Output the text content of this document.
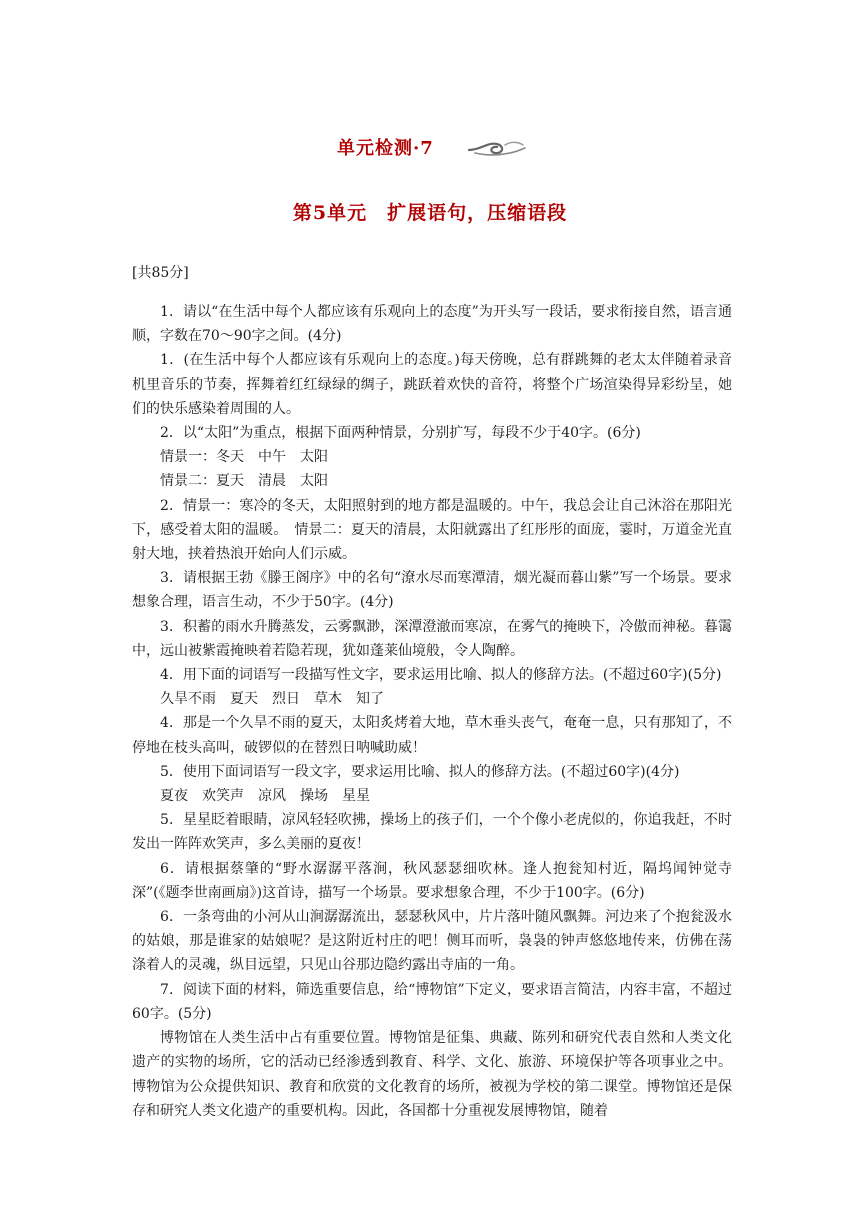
单元检测·7
第5单元　扩展语句，压缩语段
[共85分]

1．请以“在生活中每个人都应该有乐观向上的态度”为开头写一段话，要求衔接自然，语言通顺，字数在70～90字之间。(4分)

1．(在生活中每个人都应该有乐观向上的态度。)每天傍晚，总有群跳舞的老太太伴随着录音机里音乐的节奏，挥舞着红红绿绿的绸子，跳跃着欢快的音符，将整个广场渲染得异彩纷呈，她们的快乐感染着周围的人。

2．以“太阳”为重点，根据下面两种情景，分别扩写，每段不少于40字。(6分)

情景一：冬天　中午　太阳

情景二：夏天　清晨　太阳

2．情景一：寒冷的冬天，太阳照射到的地方都是温暖的。中午，我总会让自己沐浴在那阳光下，感受着太阳的温暖。　情景二：夏天的清晨，太阳就露出了红彤彤的面庞，霎时，万道金光直射大地，挟着热浪开始向人们示威。

3．请根据王勃《滕王阁序》中的名句“潦水尽而寒潭清，烟光凝而暮山紫”写一个场景。要求想象合理，语言生动，不少于50字。(4分)

3．积蓄的雨水升腾蒸发，云雾飘渺，深潭澄澈而寒凉，在雾气的掩映下，冷傲而神秘。暮霭中，远山被紫霞掩映着若隐若现，犹如蓬莱仙境般，令人陶醉。

4．用下面的词语写一段描写性文字，要求运用比喻、拟人的修辞方法。(不超过60字)(5分)

久旱不雨　夏天　烈日　草木　知了

4．那是一个久旱不雨的夏天，太阳炙烤着大地，草木垂头丧气，奄奄一息，只有那知了，不停地在枝头高叫，破锣似的在替烈日呐喊助威！

5．使用下面词语写一段文字，要求运用比喻、拟人的修辞方法。(不超过60字)(4分)

夏夜　欢笑声　凉风　操场　星星

5．星星眨着眼睛，凉风轻轻吹拂，操场上的孩子们，一个个像小老虎似的，你追我赶，不时发出一阵阵欢笑声，多么美丽的夏夜！

6．请根据蔡肇的“野水潺潺平落涧，秋风瑟瑟细吹林。逢人抱瓮知村近，隔坞闻钟觉寺深”(《题李世南画扇》)这首诗，描写一个场景。要求想象合理，不少于100字。(6分)

6．一条弯曲的小河从山涧潺潺流出，瑟瑟秋风中，片片落叶随风飘舞。河边来了个抱瓮汲水的姑娘，那是谁家的姑娘呢？是这附近村庄的吧！侧耳而听，袅袅的钟声悠悠地传来，仿佛在荡涤着人的灵魂，纵目远望，只见山谷那边隐约露出寺庙的一角。

7．阅读下面的材料，筛选重要信息，给“博物馆”下定义，要求语言简洁，内容丰富，不超过60字。(5分)

博物馆在人类生活中占有重要位置。博物馆是征集、典藏、陈列和研究代表自然和人类文化遗产的实物的场所，它的活动已经渗透到教育、科学、文化、旅游、环境保护等各项事业之中。博物馆为公众提供知识、教育和欣赏的文化教育的场所，被视为学校的第二课堂。博物馆还是保存和研究人类文化遗产的重要机构。因此，各国都十分重视发展博物馆，随着
